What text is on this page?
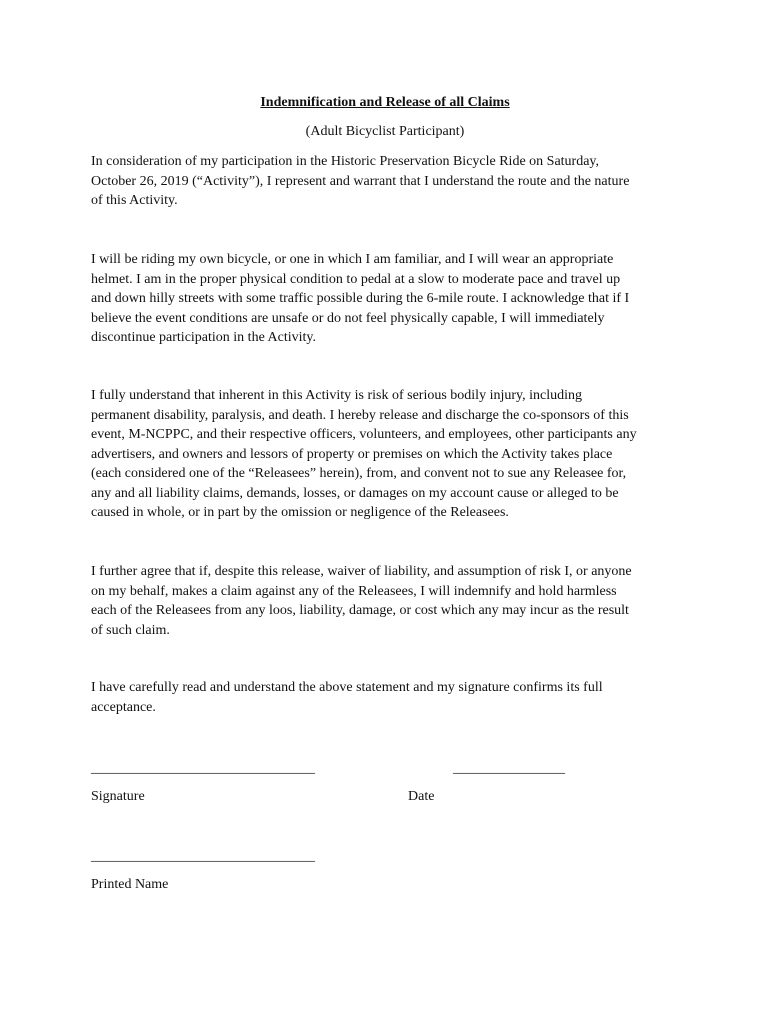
Indemnification and Release of all Claims
(Adult Bicyclist Participant)

In consideration of my participation in the Historic Preservation Bicycle Ride on Saturday,
October 26, 2019 (“Activity”), I represent and warrant that I understand the route and the nature
of this Activity.

I will be riding my own bicycle, or one in which I am familiar, and I will wear an appropriate
helmet. I am in the proper physical condition to pedal at a slow to moderate pace and travel up
and down hilly streets with some traffic possible during the 6-mile route. I acknowledge that if I
believe the event conditions are unsafe or do not feel physically capable, I will immediately
discontinue participation in the Activity.

I fully understand that inherent in this Activity is risk of serious bodily injury, including
permanent disability, paralysis, and death. I hereby release and discharge the co-sponsors of this
event, M-NCPPC, and their respective officers, volunteers, and employees, other participants any
advertisers, and owners and lessors of property or premises on which the Activity takes place
(each considered one of the “Releasees” herein), from, and convent not to sue any Releasee for,
any and all liability claims, demands, losses, or damages on my account cause or alleged to be
caused in whole, or in part by the omission or negligence of the Releasees.

I further agree that if, despite this release, waiver of liability, and assumption of risk I, or anyone
on my behalf, makes a claim against any of the Releasees, I will indemnify and hold harmless
each of the Releasees from any loos, liability, damage, or cost which any may incur as the result
of such claim.

I have carefully read and understand the above statement and my signature confirms its full
acceptance.

________________________________	________________
Signature	Date
________________________________
Printed Name
